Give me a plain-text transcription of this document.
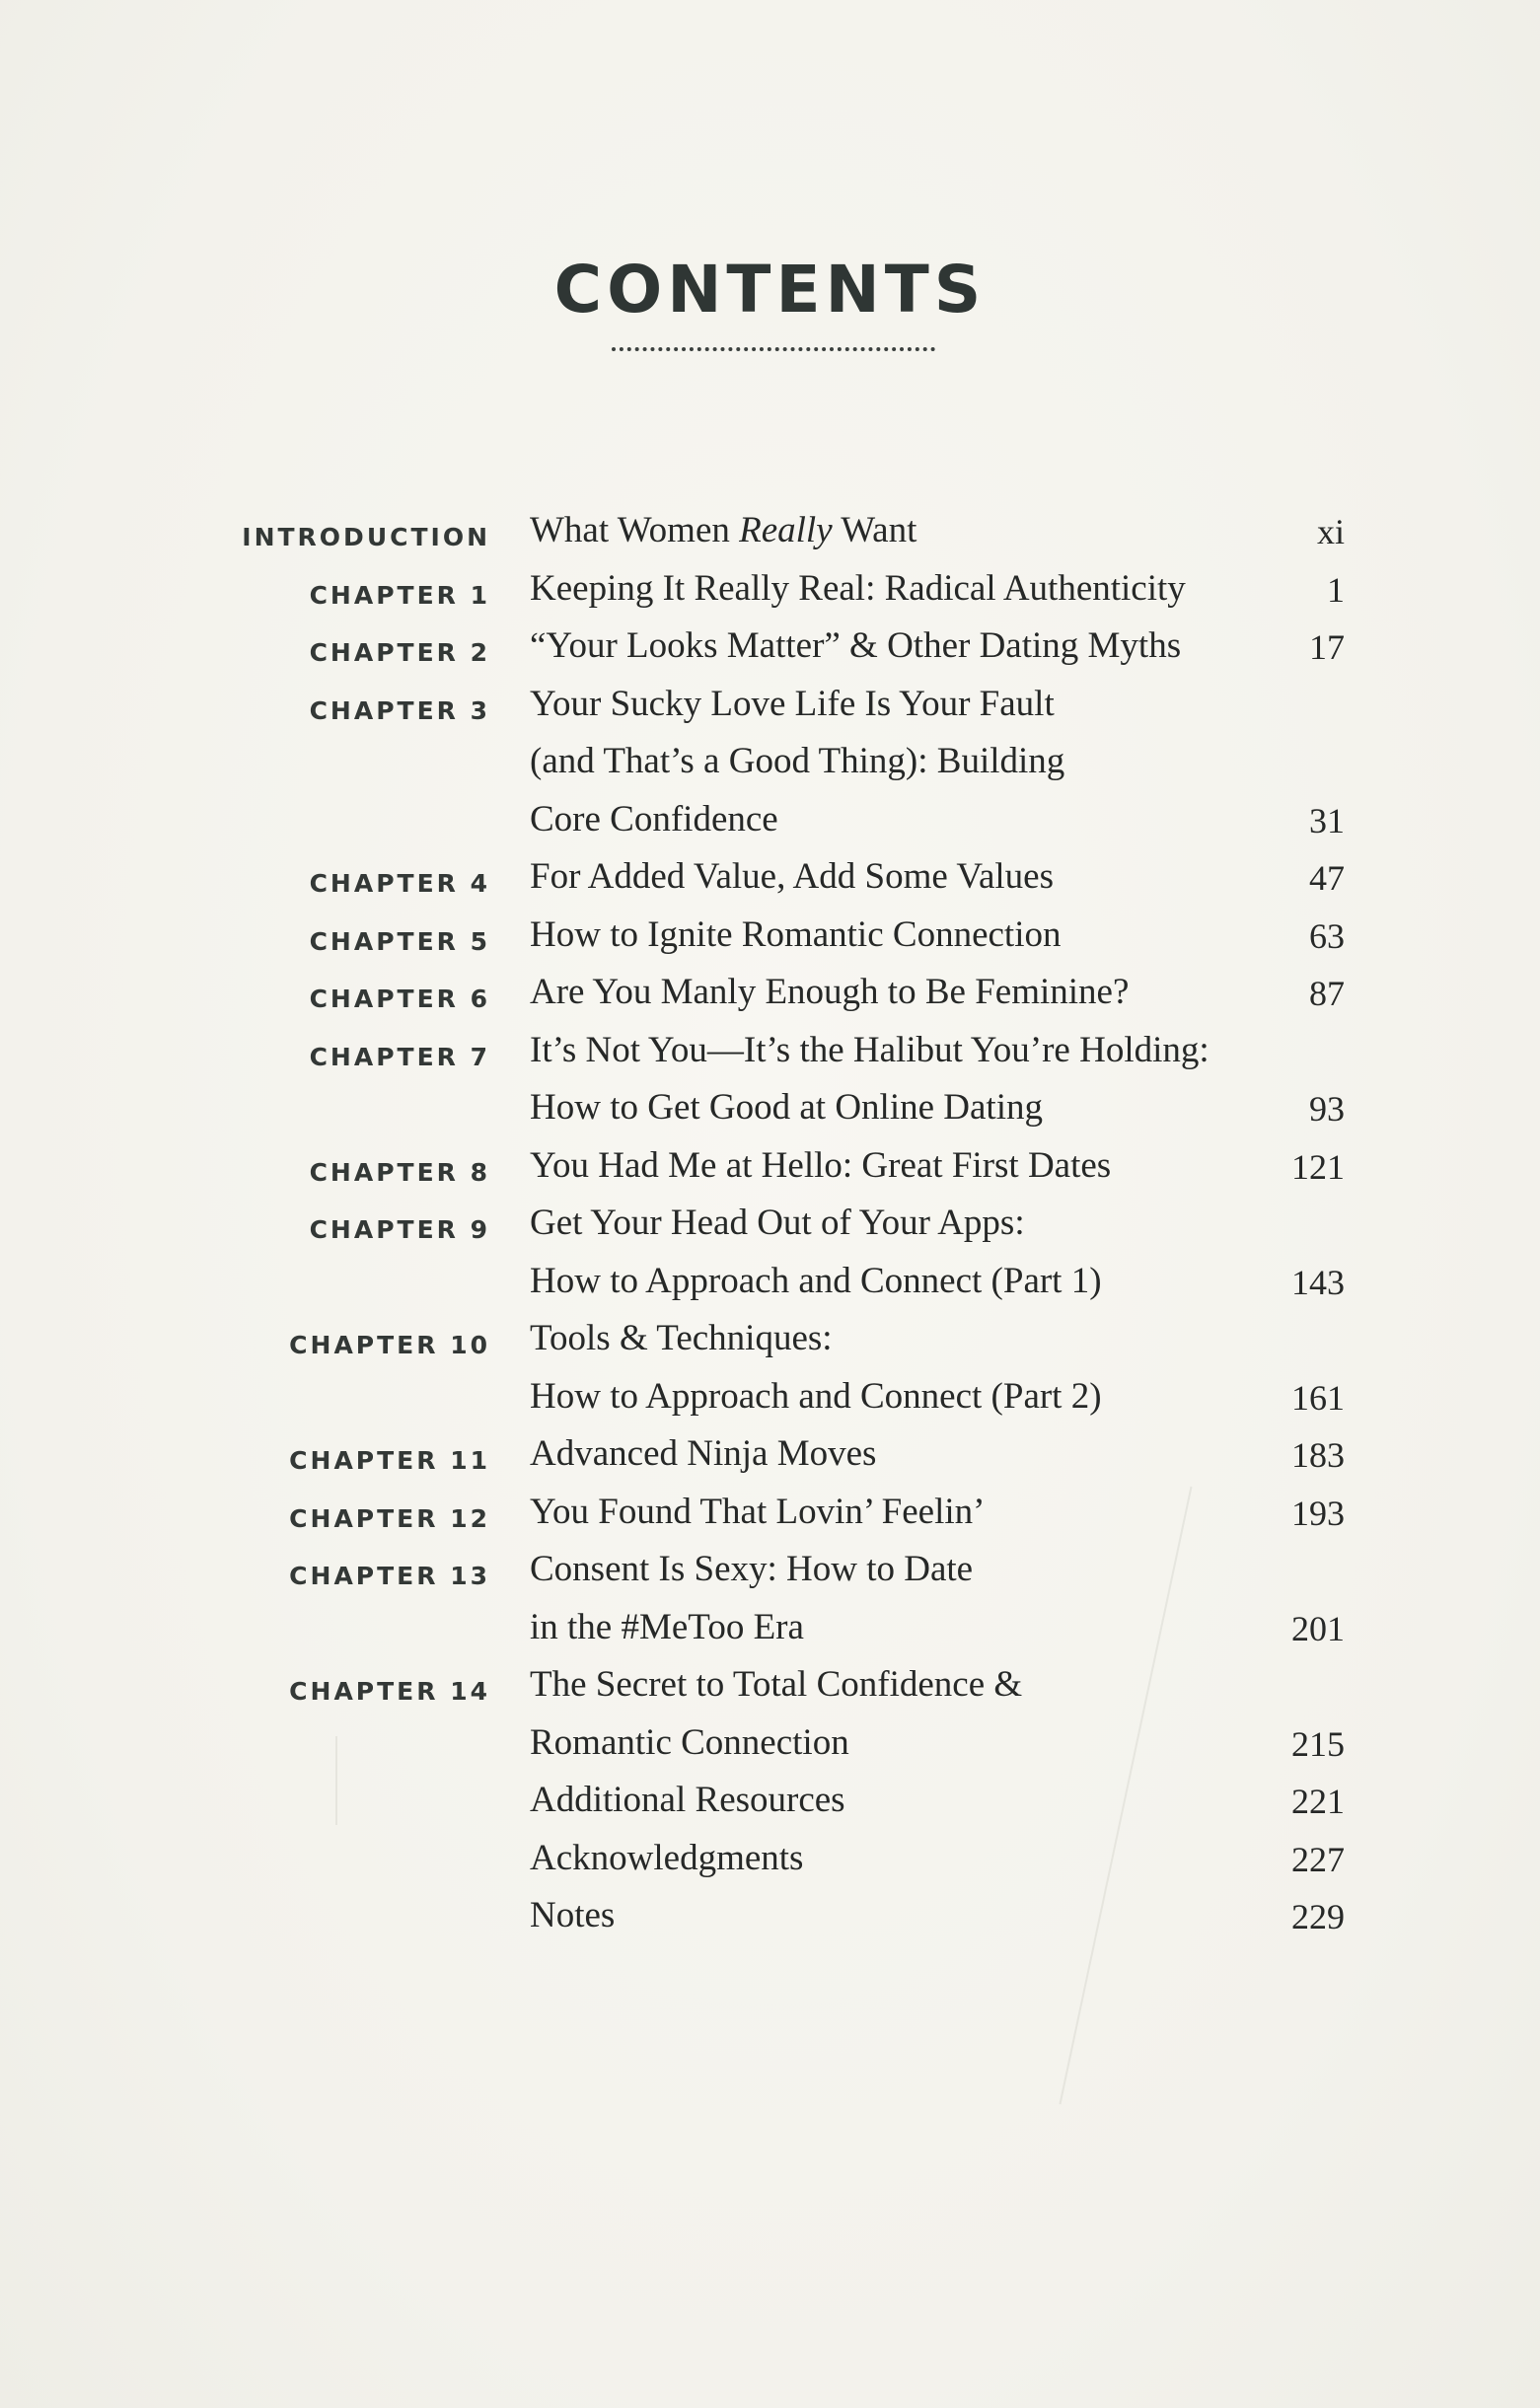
CONTENTS
INTRODUCTION What Women Really Want	xi
CHAPTER 1 Keeping It Really Real: Radical Authenticity	1
CHAPTER 2 “Your Looks Matter” & Other Dating Myths	17
CHAPTER 3 Your Sucky Love Life Is Your Fault
(and That’s a Good Thing): Building
Core Confidence	31
CHAPTER 4 For Added Value, Add Some Values	47
CHAPTER 5 How to Ignite Romantic Connection	63
CHAPTER 6 Are You Manly Enough to Be Feminine?	87
CHAPTER 7 It’s Not You—It’s the Halibut You’re Holding:
How to Get Good at Online Dating	93
CHAPTER 8 You Had Me at Hello: Great First Dates	121
CHAPTER 9 Get Your Head Out of Your Apps:
How to Approach and Connect (Part 1)	143
CHAPTER 10 Tools & Techniques:
How to Approach and Connect (Part 2)	161
CHAPTER 11 Advanced Ninja Moves	183
CHAPTER 12 You Found That Lovin’ Feelin’	193
CHAPTER 13 Consent Is Sexy: How to Date
in the #MeToo Era	201
CHAPTER 14 The Secret to Total Confidence &
Romantic Connection	215
Additional Resources	221
Acknowledgments	227
Notes	229
